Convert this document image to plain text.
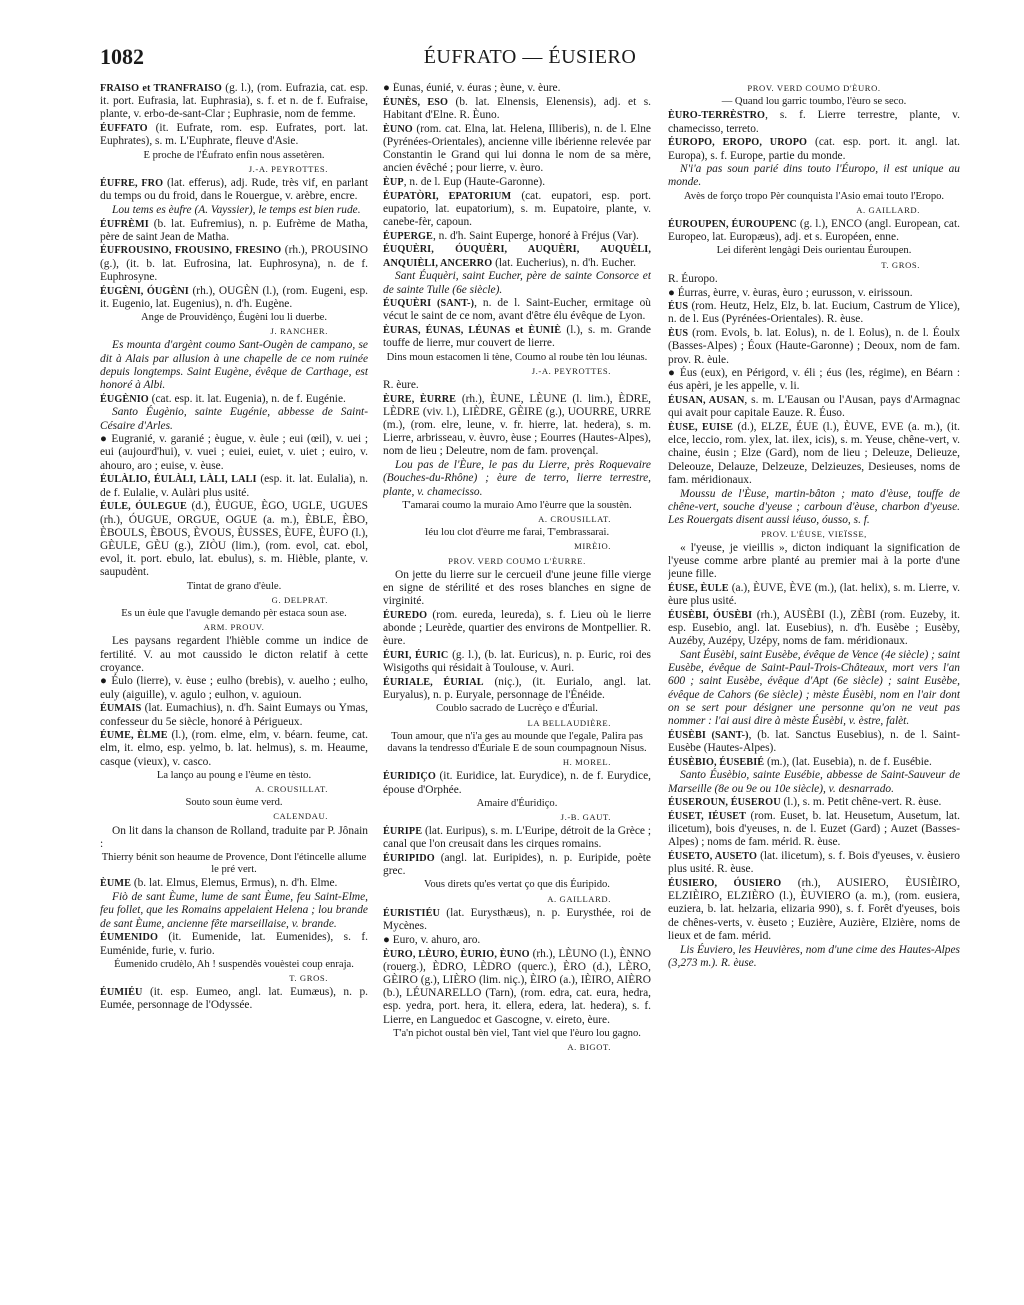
1082	ÉUFRATO — ÉUSIERO
FRAISO et TRANFRAISO (g. l.), (rom. Eufrazia, cat. esp. it. port. Eufrasia, lat. Euphrasia), s. f. et n. de f. Eufraise, plante, v. erbo-de-sant-Clar ; Euphrasie, nom de femme.
ÉUFFATO (it. Eufrate, rom. esp. Eufrates, port. lat. Euphrates), s. m. L'Euphrate, fleuve d'Asie.
E proche de l'Éufrato enfin nous assetèren.
J.-A. PEYROTTES.
ÉUFRE, FRO (lat. efferus), adj. Rude, très vif, en parlant du temps ou du froid, dans le Rouergue, v. arèbre, encre.
Lou tems es èufre (A. Vayssier), le temps est bien rude.
ÉUFRÈMI (b. lat. Eufremius), n. p. Eufrème de Matha, père de saint Jean de Matha.
ÉUFROUSINO, FROUSINO, FRESINO (rh.), PROUSINO (g.), (it. b. lat. Eufrosina, lat. Euphrosyna), n. de f. Euphrosyne.
ÉUGÈNI, ÓUGÈNI (rh.), OUGÈN (l.), (rom. Eugeni, esp. it. Eugenio, lat. Eugenius), n. d'h. Eugène.
Ange de Prouvidènço, Éugèni lou li duerbe.
J. RANCHER.
Es mounta d'argènt coumo Sant-Ougèn de campano, se dit à Alais par allusion à une chapelle de ce nom ruinée depuis longtemps. Saint Eugène, évêque de Carthage, est honoré à Albi.
ÉUGÈNIO (cat. esp. it. lat. Eugenia), n. de f. Eugénie.
Santo Éugènio, sainte Eugénie, abbesse de Saint-Césaire d'Arles.
● Eugranié, v. garanié ; èugue, v. èule ; eui (œil), v. uei ; eui (aujourd'hui), v. vuei ; euiei, euiet, v. uiet ; euiro, v. ahouro, aro ; euise, v. èuse.
ÉULÀLIO, ÉULÀLI, LÀLI, LALI (esp. it. lat. Eulalia), n. de f. Eulalie, v. Aulàri plus usité.
ÉULE, ÓULEGUE (d.), ÈUGUE, ÈGO, UGLE, UGUES (rh.), ÓUGUE, ORGUE, OGUE (a. m.), ÈBLE, ÈBO, ÈBOULS, ÈBOUS, ÈVOUS, ÈUSSES, ÈUFE, ÈUFO (l.), GÈULE, GÈU (g.), ZIÒU (lim.), (rom. evol, cat. ebol, evol, it. port. ebulo, lat. ebulus), s. m. Hièble, plante, v. saupudènt.
Tintat de grano d'èule.
G. DELPRAT.
Es un èule que l'avugle demando pèr estaca soun ase.
ARM. PROUV.
Les paysans regardent l'hièble comme un indice de fertilité. V. au mot caussido le dicton relatif à cette croyance.
● Éulo (lierre), v. èuse ; eulho (brebis), v. auelho ; eulho, euly (aiguille), v. agulo ; eulhon, v. aguioun.
ÉUMAIS (lat. Eumachius), n. d'h. Saint Eumays ou Ymas, confesseur du 5e siècle, honoré à Périgueux.
ÉUME, ÈLME (l.), (rom. elme, elm, v. béarn. feume, cat. elm, it. elmo, esp. yelmo, b. lat. helmus), s. m. Heaume, casque (vieux), v. casco.
La lanço au poung e l'èume en tèsto.
A. CROUSILLAT.
Souto soun èume verd.
CALENDAU.
On lit dans la chanson de Rolland, traduite par P. Jônain :
Thierry bénit son heaume de Provence, Dont l'étincelle allume le pré vert.
ÈUME (b. lat. Elmus, Elemus, Ermus), n. d'h. Elme.
Fiò de sant Èume, lume de sant Èume, feu Saint-Elme, feu follet, que les Romains appelaient Helena ; lou brande de sant Èume, ancienne fête marseillaise, v. brande.
ÉUMENIDO (it. Eumenide, lat. Eumenides), s. f. Euménide, furie, v. furio.
Éumenido crudèlo, Ah ! suspendès vouèstei coup enraja.
T. GROS.
ÉUMIÉU (it. esp. Eumeo, angl. lat. Eumæus), n. p. Eumée, personnage de l'Odyssée.
● Éunas, éunié, v. éuras ; èune, v. èure.
ÉUNÈS, ESO (b. lat. Elnensis, Elenensis), adj. et s. Habitant d'Elne. R. Èuno.
ÈUNO (rom. cat. Elna, lat. Helena, Illiberis), n. de l. Elne (Pyrénées-Orientales), ancienne ville ibérienne relevée par Constantin le Grand qui lui donna le nom de sa mère, ancien évêché ; pour lierre, v. èuro.
ÈUP, n. de l. Eup (Haute-Garonne).
ÉUPATÒRI, EPATORIUM (cat. eupatori, esp. port. eupatorio, lat. eupatorium), s. m. Eupatoire, plante, v. canebe-fèr, capoun.
ÉUPERGE, n. d'h. Saint Euperge, honoré à Fréjus (Var).
ÉUQUÈRI, ÓUQUÈRI, AUQUÈRI, AUQUÈLI, ANQUIÈLI, ANCERRO (lat. Eucherius), n. d'h. Eucher.
Sant Éuquèri, saint Eucher, père de sainte Consorce et de sainte Tulle (6e siècle).
ÉUQUÈRI (SANT-), n. de l. Saint-Eucher, ermitage où vécut le saint de ce nom, avant d'être élu évêque de Lyon.
ÈURAS, ÉUNAS, LÉUNAS et ÈUNIÈ (l.), s. m. Grande touffe de lierre, mur couvert de lierre.
Dins moun estacomen li tène, Coumo al roube tèn lou léunas.
J.-A. PEYROTTES.
R. èure.
ÈURE, ÈURRE (rh.), ÈUNE, LÈUNE (l. lim.), ÈDRE, LÈDRE (viv. l.), LIÈDRE, GÈIRE (g.), UOURRE, URRE (m.), (rom. elre, leune, v. fr. hierre, lat. hedera), s. m. Lierre, arbrisseau, v. èuvro, èuse ; Eourres (Hautes-Alpes), nom de lieu ; Deleutre, nom de fam. provençal.
Lou pas de l'Èure, le pas du Lierre, près Roquevaire (Bouches-du-Rhône) ; èure de terro, lierre terrestre, plante, v. chamecisso.
T'amarai coumo la muraio Amo l'èurre que la soustèn.
A. CROUSILLAT.
Iéu lou clot d'èurre me farai, T'embrassarai.
MIRÈIO.
PROV. VERD COUMO L'ÈURRE.
On jette du lierre sur le cercueil d'une jeune fille vierge en signe de stérilité et des roses blanches en signe de virginité.
ÉUREDO (rom. eureda, leureda), s. f. Lieu où le lierre abonde ; Leurède, quartier des environs de Montpellier. R. èure.
ÉURI, ÉURIC (g. l.), (b. lat. Euricus), n. p. Euric, roi des Wisigoths qui résidait à Toulouse, v. Auri.
ÉURIALE, ÉURIAL (niç.), (it. Eurialo, angl. lat. Euryalus), n. p. Euryale, personnage de l'Énéide.
Coublo sacrado de Lucrèço e d'Éurial.
LA BELLAUDIÈRE.
Toun amour, que n'i'a ges au mounde que l'egale, Palira pas davans la tendresso d'Éuriale E de soun coumpagnoun Nisus.
H. MOREL.
ÉURIDIÇO (it. Euridice, lat. Eurydice), n. de f. Eurydice, épouse d'Orphée.
Amaire d'Éuridiço.
J.-B. GAUT.
ÉURIPE (lat. Euripus), s. m. L'Euripe, détroit de la Grèce ; canal que l'on creusait dans les cirques romains.
ÉURIPIDO (angl. lat. Euripides), n. p. Euripide, poète grec.
Vous direts qu'es vertat ço que dis Éuripido.
A. GAILLARD.
ÉURISTIÉU (lat. Eurysthæus), n. p. Eurysthée, roi de Mycènes.
● Euro, v. ahuro, aro.
ÈURO, LÈURO, ÈURIO, ÈUNO (rh.), LÈUNO (l.), ÈNNO (rouerg.), ÈDRO, LÈDRO (querc.), ÈRO (d.), LÈRO, GÈIRO (g.), LIÈRO (lim. niç.), ÈIRO (a.), IÈIRO, AIÈRO (b.), LÉUNARELLO (Tarn), (rom. edra, cat. eura, hedra, esp. yedra, port. hera, it. ellera, edera, lat. hedera), s. f. Lierre, en Languedoc et Gascogne, v. eireto, èure.
T'a'n pichot oustal bèn viel, Tant viel que l'èuro lou gagno.
A. BIGOT.
PROV. VERD COUMO D'ÈURO.
— Quand lou garric toumbo, l'èuro se seco.
ÈURO-TERRÈSTRO, s. f. Lierre terrestre, plante, v. chamecisso, terreto.
ÉUROPO, EROPO, UROPO (cat. esp. port. it. angl. lat. Europa), s. f. Europe, partie du monde.
N'i'a pas soun parié dins touto l'Éuropo, il est unique au monde.
Avès de forço tropo Pèr counquista l'Asio emai touto l'Eropo.
A. GAILLARD.
ÉUROUPEN, ÉUROUPENC (g. l.), ENCO (angl. European, cat. Europeo, lat. Europæus), adj. et s. Européen, enne.
Lei diferènt lengàgi Deis ourientau Éuroupen.
T. GROS.
R. Éuropo.
● Éurras, èurre, v. èuras, èuro ; eurusson, v. eirissoun.
ÉUS (rom. Heutz, Helz, Elz, b. lat. Eucium, Castrum de Ylice), n. de l. Eus (Pyrénées-Orientales). R. èuse.
ÈUS (rom. Evols, b. lat. Eolus), n. de l. Eolus), n. de l. Éoulx (Basses-Alpes) ; Éoux (Haute-Garonne) ; Deoux, nom de fam. prov. R. èule.
● Éus (eux), en Périgord, v. éli ; éus (les, régime), en Béarn : éus apèri, je les appelle, v. li.
ÉUSAN, AUSAN, s. m. L'Eausan ou l'Ausan, pays d'Armagnac qui avait pour capitale Eauze. R. Éuso.
ÈUSE, EUISE (d.), ELZE, ÉUE (l.), ÈUVE, EVE (a. m.), (it. elce, leccio, rom. ylex, lat. ilex, icis), s. m. Yeuse, chêne-vert, v. chaine, éusin ; Elze (Gard), nom de lieu ; Deleuze, Delieuze, Deleouze, Delauze, Delzeuze, Delzieuzes, Desieuses, noms de fam. méridionaux.
Moussu de l'Èuse, martin-bâton ; mato d'èuse, touffe de chêne-vert, souche d'yeuse ; carboun d'èuse, charbon d'yeuse. Les Rouergats disent aussi iéuso, óusso, s. f.
PROV. L'ÉUSE, VIEÏSSE,
« l'yeuse, je vieillis », dicton indiquant la signification de l'yeuse comme arbre planté au premier mai à la porte d'une jeune fille.
ÉUSE, ÈULE (a.), ÈUVE, ÈVE (m.), (lat. helix), s. m. Lierre, v. èure plus usité.
ÉUSÈBI, ÓUSÈBI (rh.), AUSÈBI (l.), ZÈBI (rom. Euzeby, it. esp. Eusebio, angl. lat. Eusebius), n. d'h. Eusèbe ; Eusèby, Auzéby, Auzépy, Uzépy, noms de fam. méridionaux.
Sant Éusèbi, saint Eusèbe, évêque de Vence (4e siècle) ; saint Eusèbe, évêque de Saint-Paul-Trois-Châteaux, mort vers l'an 600 ; saint Eusèbe, évêque d'Apt (6e siècle) ; saint Eusèbe, évêque de Cahors (6e siècle) ; mèste Éusèbi, nom en l'air dont on se sert pour désigner une personne qu'on ne veut pas nommer : l'ai ausi dire à mèste Éusèbi, v. èstre, falèt.
ÉUSÈBI (SANT-), (b. lat. Sanctus Eusebius), n. de l. Saint-Eusèbe (Hautes-Alpes).
ÉUSÈBIO, ÉUSEBIÉ (m.), (lat. Eusebia), n. de f. Eusébie.
Santo Éusèbio, sainte Eusébie, abbesse de Saint-Sauveur de Marseille (8e ou 9e ou 10e siècle), v. desnarrado.
ÉUSEROUN, ÉUSEROU (l.), s. m. Petit chêne-vert. R. èuse.
ÉUSET, IÉUSET (rom. Euset, b. lat. Heusetum, Ausetum, lat. ilicetum), bois d'yeuses, n. de l. Euzet (Gard) ; Auzet (Basses-Alpes) ; noms de fam. mérid. R. èuse.
ÉUSETO, AUSETO (lat. ilicetum), s. f. Bois d'yeuses, v. èusiero plus usité. R. èuse.
ÉUSIERO, ÓUSIERO (rh.), AUSIERO, ÈUSIÈIRO, ELZIÈIRO, ELZIÈRO (l.), ÈUVIERO (a. m.), (rom. eusiera, euziera, b. lat. helzaria, elizaria 990), s. f. Forêt d'yeuses, bois de chênes-verts, v. èuseto ; Euzière, Auzière, Elzière, noms de lieux et de fam. mérid.
Lis Éuviero, les Heuvières, nom d'une cime des Hautes-Alpes (3,273 m.). R. èuse.
